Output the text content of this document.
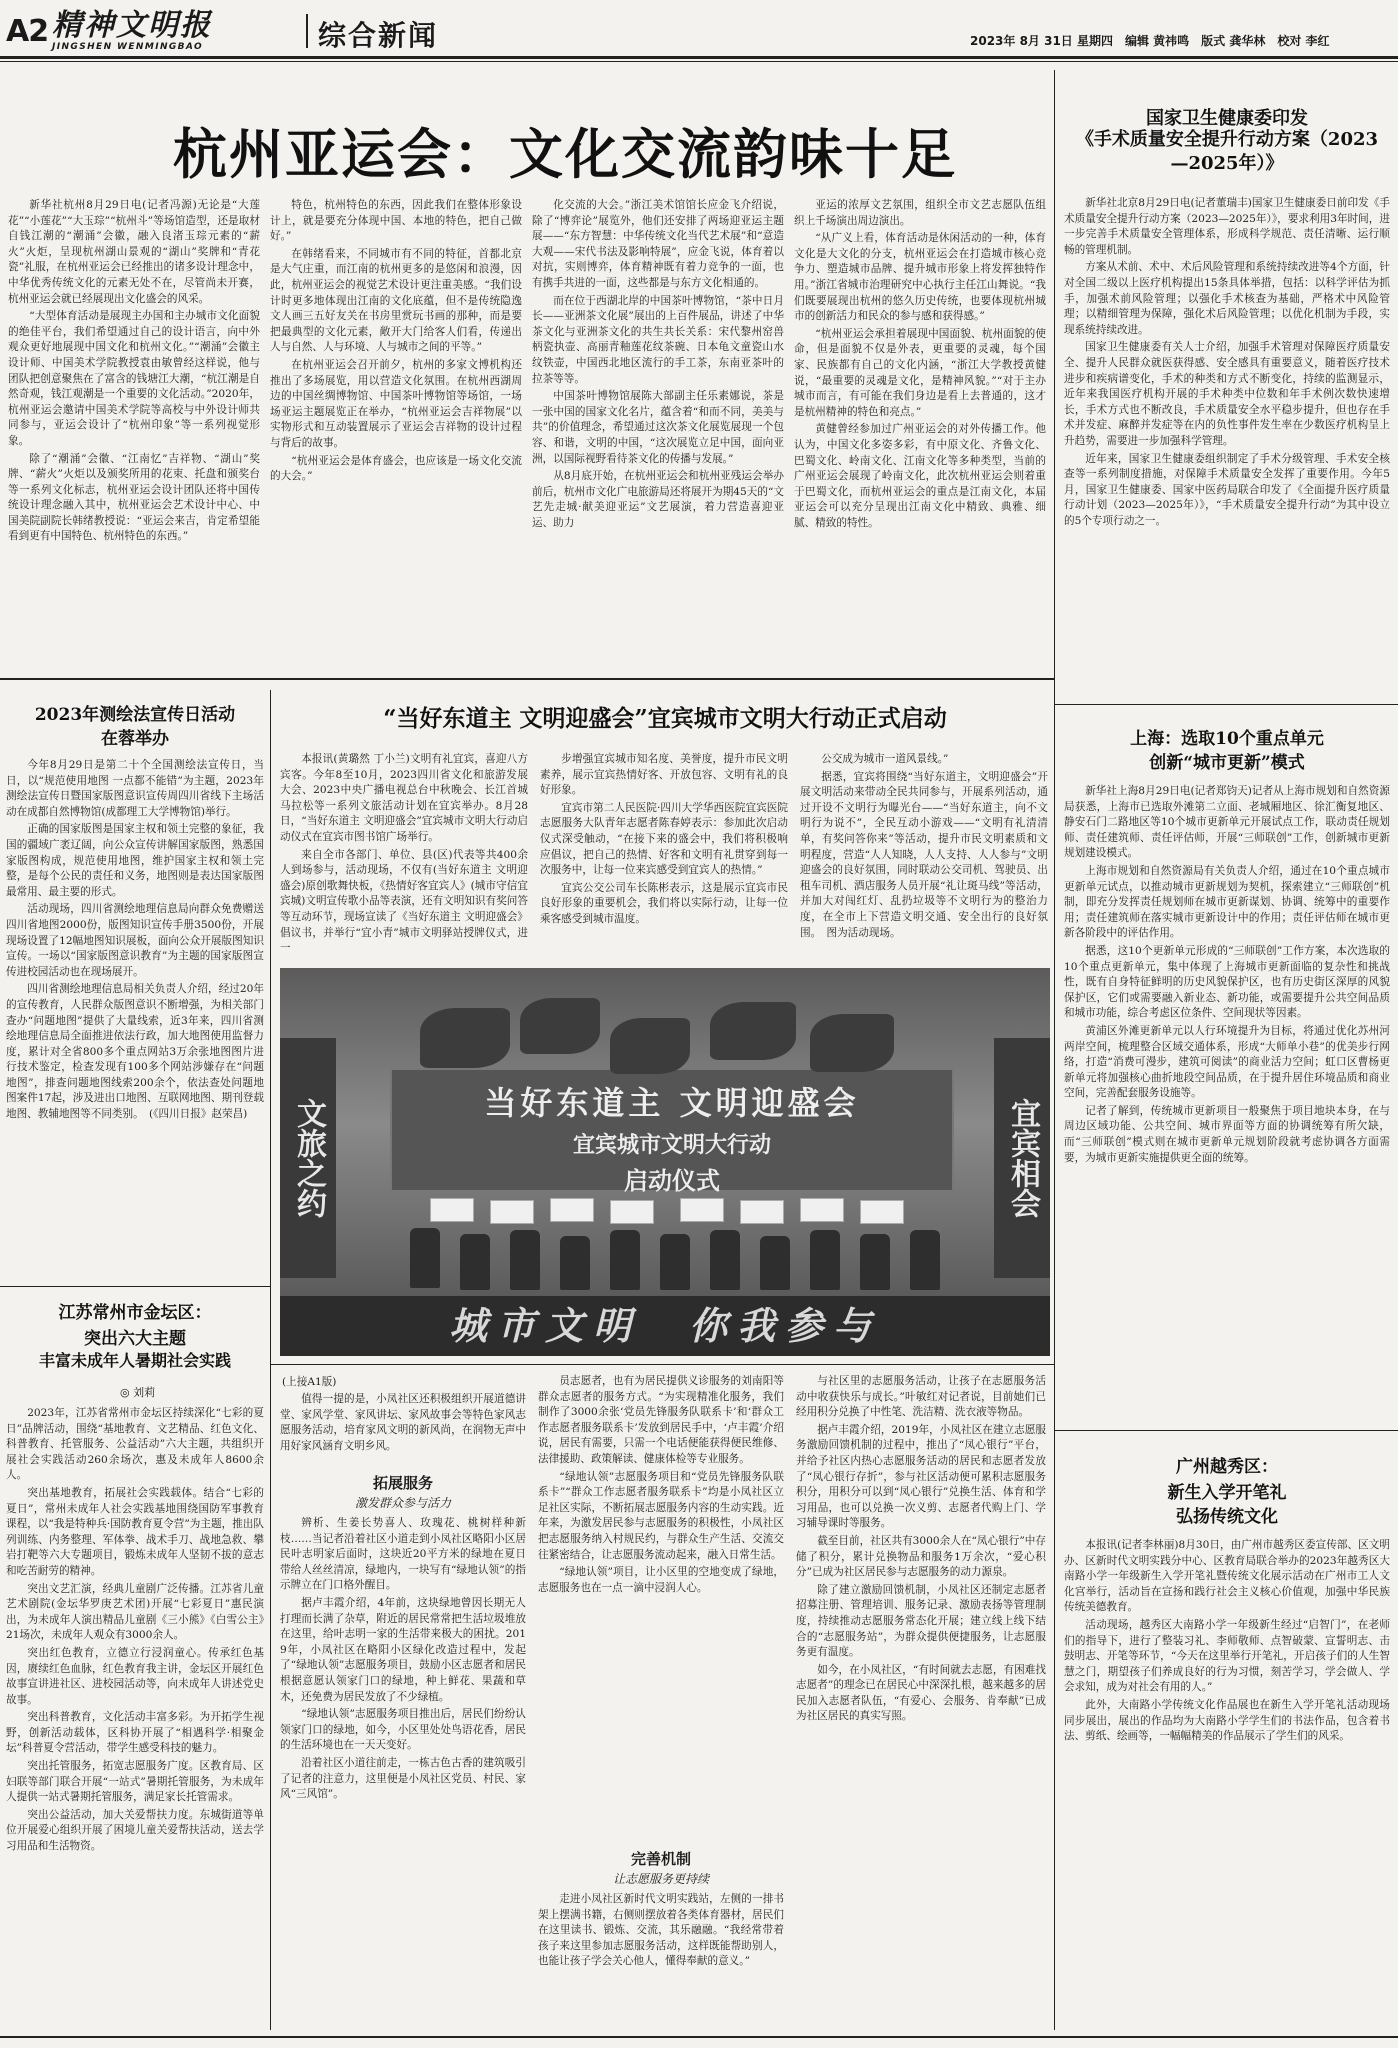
A2 精神文明报
JINGSHEN WENMINGBAO	综合新闻	2023年 8月 31日 星期四　编辑 黄祎鸣　版式 龚华林　校对 李红
杭州亚运会：文化交流韵味十足

新华社杭州8月29日电(记者冯源)无论是“大莲花”“小莲花”“大玉琮”“杭州斗”等场馆造型，还是取材自钱江潮的“潮涌”会徽，融入良渚玉琮元素的“薪火”火炬，呈现杭州湖山景观的“湖山”奖牌和“青花瓷”礼服，在杭州亚运会已经推出的诸多设计理念中，中华优秀传统文化的元素无处不在，尽管尚未开赛，杭州亚运会就已经展现出文化盛会的风采。

“大型体育活动是展现主办国和主办城市文化面貌的绝佳平台，我们希望通过自己的设计语言，向中外观众更好地展现中国文化和杭州文化。”“潮涌”会徽主设计师、中国美术学院教授袁由敏曾经这样说，他与团队把创意聚焦在了富含的钱塘江大潮，“杭江潮是自然奇观，钱江观潮是一个重要的文化活动。”2020年，杭州亚运会邀请中国美术学院等高校与中外设计师共同参与，亚运会设计了“杭州印象”等一系列视觉形象。

除了“潮涌”会徽、“江南忆”吉祥物、“湖山”奖牌、“薪火”火炬以及颁奖所用的花束、托盘和颁奖台等一系列文化标志，杭州亚运会设计团队还将中国传统设计理念融入其中，杭州亚运会艺术设计中心、中国美院副院长韩绪教授说：“亚运会来吉，肯定希望能看到更有中国特色、杭州特色的东西。”

特色，杭州特色的东西，因此我们在整体形象设计上，就是要充分体现中国、本地的特色，把自己做好。”

在韩绪看来，不同城市有不同的特征，首都北京是大气庄重，而江南的杭州更多的是悠闲和浪漫，因此，杭州亚运会的视觉艺术设计更注重美感。“我们设计时更多地体现出江南的文化底蕴，但不是传统隐逸文人画三五好友关在书房里赏玩书画的那种，而是要把最典型的文化元素，敞开大门给客人们看，传递出人与自然、人与环境、人与城市之间的平等。”

在杭州亚运会召开前夕，杭州的多家文博机构还推出了多场展览，用以营造文化氛围。在杭州西湖周边的中国丝绸博物馆、中国茶叶博物馆等场馆，一场场亚运主题展览正在举办，“杭州亚运会吉祥物展”以实物形式和互动装置展示了亚运会吉祥物的设计过程与背后的故事。

“杭州亚运会是体育盛会，也应该是一场文化交流的大会。”

化交流的大会。”浙江美术馆馆长应金飞介绍说，除了“博弈论”展览外，他们还安排了两场迎亚运主题展——“东方智慧：中华传统文化当代艺术展”和“意造大观——宋代书法及影响特展”，应金飞说，体育着以对抗，实则博弈，体育精神既有着力竞争的一面，也有携手共进的一面，这些都是与东方文化相通的。

而在位于西湖北岸的中国茶叶博物馆，“茶中日月长——亚洲茶文化展”展出的上百件展品，讲述了中华茶文化与亚洲茶文化的共生共长关系：宋代黎州窑兽柄瓷执壶、高丽青釉莲花纹茶碗、日本龟文童瓷山水纹铁壶，中国西北地区流行的手工茶，东南亚茶叶的拉茶等等。

中国茶叶博物馆展陈大部副主任乐素娜说，茶是一张中国的国家文化名片，蕴含着“和而不同，美美与共”的价值理念，希望通过这次茶文化展览展现一个包容、和谐，文明的中国，“这次展览立足中国，面向亚洲，以国际视野看待茶文化的传播与发展。”

从8月底开始，在杭州亚运会和杭州亚残运会举办前后，杭州市文化广电旅游局还将展开为期45天的“文艺先走城·献美迎亚运”文艺展演，着力营造喜迎亚运、助力

亚运的浓厚文艺氛围，组织全市文艺志愿队伍组织上千场演出周边演出。

“从广义上看，体育活动是休闲活动的一种，体育文化是大文化的分支，杭州亚运会在打造城市核心竞争力、塑造城市品牌、提升城市形象上将发挥独特作用。”浙江省城市治理研究中心执行主任江山舞说。“我们既要展现出杭州的悠久历史传统，也要体现杭州城市的创新活力和民众的参与感和获得感。”

“杭州亚运会承担着展现中国面貌、杭州面貌的使命，但是面貌不仅是外表，更重要的灵魂，每个国家、民族都有自己的文化内涵，“浙江大学教授黄健说，“最重要的灵魂是文化，是精神风貌。”“对于主办城市而言，有可能在我们身边是看上去普通的，这才是杭州精神的特色和亮点。”

黄健曾经参加过广州亚运会的对外传播工作。他认为，中国文化多姿多彩，有中原文化、齐鲁文化、巴蜀文化、岭南文化、江南文化等多种类型，当前的广州亚运会展现了岭南文化，此次杭州亚运会则着重于巴蜀文化，而杭州亚运会的重点是江南文化，本届亚运会可以充分呈现出江南文化中精致、典雅、细腻、精致的特性。

国家卫生健康委印发
《手术质量安全提升行动方案（2023—2025年）》

新华社北京8月29日电(记者董瑞丰)国家卫生健康委日前印发《手术质量安全提升行动方案（2023—2025年）》，要求利用3年时间，进一步完善手术质量安全管理体系，形成科学规范、责任清晰、运行顺畅的管理机制。

方案从术前、术中、术后风险管理和系统持续改进等4个方面，针对全国二级以上医疗机构提出15条具体举措，包括：以科学评估为抓手，加强术前风险管理；以强化手术核查为基础，严格术中风险管理；以精细管理为保障，强化术后风险管理；以优化机制为手段，实现系统持续改进。

国家卫生健康委有关人士介绍，加强手术管理对保障医疗质量安全、提升人民群众就医获得感、安全感具有重要意义，随着医疗技术进步和疾病谱变化，手术的种类和方式不断变化，持续的监测显示，近年来我国医疗机构开展的手术种类中位数和年手术例次数快速增长，手术方式也不断改良，手术质量安全水平稳步提升，但也存在手术并发症、麻醉并发症等在内的负性事件发生率在少数医疗机构呈上升趋势，需要进一步加强科学管理。

近年来，国家卫生健康委组织制定了手术分级管理、手术安全核查等一系列制度措施，对保障手术质量安全发挥了重要作用。今年5月，国家卫生健康委、国家中医药局联合印发了《全面提升医疗质量行动计划（2023—2025年）》，“手术质量安全提升行动”为其中设立的5个专项行动之一。

2023年测绘法宣传日活动
在蓉举办

今年8月29日是第二十个全国测绘法宣传日，当日，以“规范使用地图 一点都不能错”为主题，2023年测绘法宣传日暨国家版图意识宣传周四川省线下主场活动在成都自然博物馆(成都理工大学博物馆)举行。

正确的国家版图是国家主权和领土完整的象征，我国的疆域广袤辽阔，向公众宣传讲解国家版图，熟悉国家版图构成，规范使用地图，维护国家主权和领土完整，是每个公民的责任和义务，地图则是表达国家版图最常用、最主要的形式。

活动现场，四川省测绘地理信息局向群众免费赠送四川省地图2000份，版图知识宣传手册3500份，开展现场设置了12幅地图知识展板，面向公众开展版图知识宣传。一场以“国家版图意识教育”为主题的国家版图宣传进校园活动也在现场展开。

四川省测绘地理信息局相关负责人介绍，经过20年的宣传教育，人民群众版图意识不断增强，为相关部门查办“问题地图”提供了大量线索，近3年来，四川省测绘地理信息局全面推进依法行政，加大地图使用监督力度，累计对全省800多个重点网站3万余张地图图片进行技术鉴定，检查发现有100多个网站涉嫌存在“问题地图”，排查问题地图线索200余个，依法查处问题地图案件17起，涉及进出口地图、互联网地图、期刊登载地图、教辅地图等不同类别。　(《四川日报》赵荣昌)

“当好东道主 文明迎盛会”宜宾城市文明大行动正式启动

本报讯(黄璐然 丁小兰)文明有礼宜宾，喜迎八方宾客。今年8至10月，2023四川省文化和旅游发展大会、2023中央广播电视总台中秋晚会、长江首城马拉松等一系列文旅活动计划在宜宾举办。8月28日，“当好东道主 文明迎盛会”宜宾城市文明大行动启动仪式在宜宾市图书馆广场举行。

来自全市各部门、单位、县(区)代表等共400余人到场参与，活动现场，不仅有(当好东道主 文明迎盛会)原创歌舞快板，《热情好客宜宾人》(城市守信宜宾城)文明宣传歌小品等表演，还有文明知识有奖问答等互动环节，现场宣读了《当好东道主 文明迎盛会》倡议书，并举行“宜小青”城市文明驿站授牌仪式，进一

步增强宜宾城市知名度、美誉度，提升市民文明素养，展示宜宾热情好客、开放包容、文明有礼的良好形象。

宜宾市第二人民医院·四川大学华西医院宜宾医院志愿服务大队青年志愿者陈春婷表示：参加此次启动仪式深受触动，“在接下来的盛会中，我们将积极响应倡议，把自己的热情、好客和文明有礼贯穿到每一次服务中，让每一位来宾感受到宜宾人的热情。”

宜宾公交公司车长陈彬表示，这是展示宜宾市民良好形象的重要机会，我们将以实际行动，让每一位乘客感受到城市温度。

公交成为城市一道风景线。”

据悉，宜宾将围绕“当好东道主，文明迎盛会”开展文明活动来带动全民共同参与，开展系列活动，通过开设不文明行为曝光台——“当好东道主，向不文明行为说不”，全民互动小游戏——“文明有礼清清单，有奖问答你来”等活动，提升市民文明素质和文明程度，营造“人人知晓，人人支持、人人参与”文明迎盛会的良好氛围，同时联动公交司机、驾驶员、出租车司机、酒店服务人员开展“礼让斑马线”等活动，并加大对闯红灯、乱扔垃圾等不文明行为的整治力度，在全市上下营造文明交通、安全出行的良好氛围。　图为活动现场。

文旅之约	宜宾相会
当好东道主 文明迎盛会
宜宾城市文明大行动
启动仪式
城市文明　你我参与
上海：选取10个重点单元
创新“城市更新”模式

新华社上海8月29日电(记者郑钧天)记者从上海市规划和自然资源局获悉，上海市已选取外滩第二立面、老城厢地区、徐汇衡复地区、静安石门二路地区等10个城市更新单元开展试点工作，联动责任规划师、责任建筑师、责任评估师，开展“三师联创”工作，创新城市更新规划建设模式。

上海市规划和自然资源局有关负责人介绍，通过在10个重点城市更新单元试点，以推动城市更新规划为契机，探索建立“三师联创”机制，即充分发挥责任规划师在城市更新谋划、协调、统筹中的重要作用；责任建筑师在落实城市更新设计中的作用；责任评估师在城市更新各阶段中的评估作用。

据悉，这10个更新单元形成的“三师联创”工作方案，本次选取的10个重点更新单元，集中体现了上海城市更新面临的复杂性和挑战性，既有自身特征鲜明的历史风貌保护区，也有历史街区深厚的风貌保护区，它们或需要融入新业态、新功能，或需要提升公共空间品质和城市功能，综合考虑区位条件、空间现状等因素。

黄浦区外滩更新单元以人行环境提升为目标，将通过优化苏州河两岸空间，梳理整合区域交通体系，形成“大师单小巷”的优美步行网络，打造“消费可漫步，建筑可阅读”的商业活力空间；虹口区曹杨更新单元将加强核心曲折地段空间品质，在于提升居住环境品质和商业空间，完善配套服务设施等。

记者了解到，传统城市更新项目一般聚焦于项目地块本身，在与周边区域功能、公共空间、城市界面等方面的协调统筹有所欠缺，而“三师联创”模式则在城市更新单元规划阶段就考虑协调各方面需要，为城市更新实施提供更全面的统筹。

江苏常州市金坛区：
突出六大主题
丰富未成年人暑期社会实践
◎ 刘莉

2023年，江苏省常州市金坛区持续深化“七彩的夏日”品牌活动，围绕“基地教育、文艺精品、红色文化、科普教育、托管服务、公益活动”六大主题，共组织开展社会实践活动260余场次，惠及未成年人8600余人。

突出基地教育，拓展社会实践载体。结合“七彩的夏日”，常州未成年人社会实践基地围绕国防军事教育课程，以“我是特种兵·国防教育夏令营”为主题，推出队列训练、内务整理、军体拳、战术手刀、战地急救、攀岩打靶等六大专题项目，锻炼未成年人坚韧不拔的意志和吃苦耐劳的精神。

突出文艺汇演，经典儿童剧广泛传播。江苏省儿童艺术剧院(金坛华罗庚艺术团)开展“七彩夏日”惠民演出，为未成年人演出精品儿童剧《三小熊》《白雪公主》21场次，未成年人观众有3000余人。

突出红色教育，立德立行浸润童心。传承红色基因，赓续红色血脉，红色教育我主讲，金坛区开展红色故事宣讲进社区、进校园活动等，向未成年人讲述党史故事。

突出科普教育，文化活动丰富多彩。为开拓学生视野，创新活动载体，区科协开展了“相遇科学·相聚金坛”科普夏令营活动，带学生感受科技的魅力。

突出托管服务，拓宽志愿服务广度。区教育局、区妇联等部门联合开展“一站式”暑期托管服务，为未成年人提供一站式暑期托管服务，满足家长托管需求。

突出公益活动，加大关爱帮扶力度。东城街道等单位开展爱心组织开展了困境儿童关爱帮扶活动，送去学习用品和生活物资。

(上接A1版)

值得一提的是，小凤社区还积极组织开展道德讲堂、家风学堂、家风讲坛、家风故事会等特色家风志愿服务活动，培育家风文明的新风尚，在润物无声中用好家风涵育文明乡风。

拓展服务
激发群众参与活力

辨析、生姜长势喜人、玫瑰花、桃树样种新枝……当记者沿着社区小道走到小凤社区略阳小区居民叶志明家后面时，这块近20平方米的绿地在夏日带给人丝丝清凉，绿地内，一块写有“绿地认领”的指示牌立在门口格外醒目。

据卢丰霞介绍，4年前，这块绿地曾因长期无人打理而长满了杂草，附近的居民常常把生活垃圾堆放在这里，给叶志明一家的生活带来极大的困扰。2019年，小凤社区在略阳小区绿化改造过程中，发起了“绿地认领”志愿服务项目，鼓励小区志愿者和居民根据意愿认领家门口的绿地，种上鲜花、果蔬和草木，还免费为居民发放了不少绿植。

“绿地认领”志愿服务项目推出后，居民们纷纷认领家门口的绿地，如今，小区里处处鸟语花香，居民的生活环境也在一天天变好。

沿着社区小道往前走，一栋古色古香的建筑吸引了记者的注意力，这里便是小凤社区党员、村民、家风“三风馆”。

员志愿者，也有为居民提供义诊服务的刘南阳等群众志愿者的服务方式。“为实现精准化服务，我们制作了3000余张‘党员先锋服务队联系卡’和‘群众工作志愿者服务联系卡’发放到居民手中，‘卢丰霞’介绍说，居民有需要，只需一个电话便能获得便民维修、法律援助、政策解读、健康体检等专业服务。

“绿地认领”志愿服务项目和“党员先锋服务队联系卡”“群众工作志愿者服务联系卡”均是小凤社区立足社区实际，不断拓展志愿服务内容的生动实践。近年来，为激发居民参与志愿服务的积极性，小凤社区把志愿服务纳入村规民约，与群众生产生活、交流交往紧密结合，让志愿服务流动起来，融入日常生活。

“绿地认领”项目，让小区里的空地变成了绿地，志愿服务也在一点一滴中浸润人心。

完善机制
让志愿服务更持续

走进小凤社区新时代文明实践站，左侧的一排书架上摆满书籍，右侧则摆放着各类体育器材，居民们在这里读书、锻炼、交流，其乐融融。“我经常带着孩子来这里参加志愿服务活动，这样既能帮助别人，也能让孩子学会关心他人，懂得奉献的意义。”

与社区里的志愿服务活动，让孩子在志愿服务活动中收获快乐与成长。”叶敏红对记者说，目前她们已经用积分兑换了中性笔、洗洁精、洗衣液等物品。

据卢丰霞介绍，2019年，小凤社区在建立志愿服务激励回馈机制的过程中，推出了“凤心银行”平台，并给予社区内热心志愿服务活动的居民和志愿者发放了“凤心银行存折”，参与社区活动便可累积志愿服务积分，用积分可以到“凤心银行”兑换生活、体育和学习用品，也可以兑换一次义剪、志愿者代购上门、学习辅导课时等服务。

截至目前，社区共有3000余人在“凤心银行”中存储了积分，累计兑换物品和服务1万余次，“爱心积分”已成为社区居民参与志愿服务的动力源泉。

除了建立激励回馈机制，小凤社区还制定志愿者招募注册、管理培训、服务记录、激励表扬等管理制度，持续推动志愿服务常态化开展；建立线上线下结合的“志愿服务站”，为群众提供便捷服务，让志愿服务更有温度。

如今，在小凤社区，“有时间就去志愿，有困难找志愿者”的理念已在居民心中深深扎根，越来越多的居民加入志愿者队伍，“有爱心、会服务、肯奉献”已成为社区居民的真实写照。

广州越秀区：
新生入学开笔礼
弘扬传统文化

本报讯(记者李林丽)8月30日，由广州市越秀区委宣传部、区文明办、区新时代文明实践分中心、区教育局联合举办的2023年越秀区大南路小学一年级新生入学开笔礼暨传统文化展示活动在广州市工人文化宫举行，活动旨在宣扬和践行社会主义核心价值观，加强中华民族传统美德教育。

活动现场，越秀区大南路小学一年级新生经过“启智门”，在老师们的指导下，进行了整装习礼、李师敬师、点智破蒙、宣誓明志、击鼓明志、开笔等环节，“今天在这里举行开笔礼，开启孩子们的人生智慧之门，期望孩子们养成良好的行为习惯，刻苦学习，学会做人、学会求知，成为对社会有用的人。”

此外，大南路小学传统文化作品展也在新生入学开笔礼活动现场同步展出，展出的作品均为大南路小学学生们的书法作品，包含着书法、剪纸、绘画等，一幅幅精美的作品展示了学生们的风采。
